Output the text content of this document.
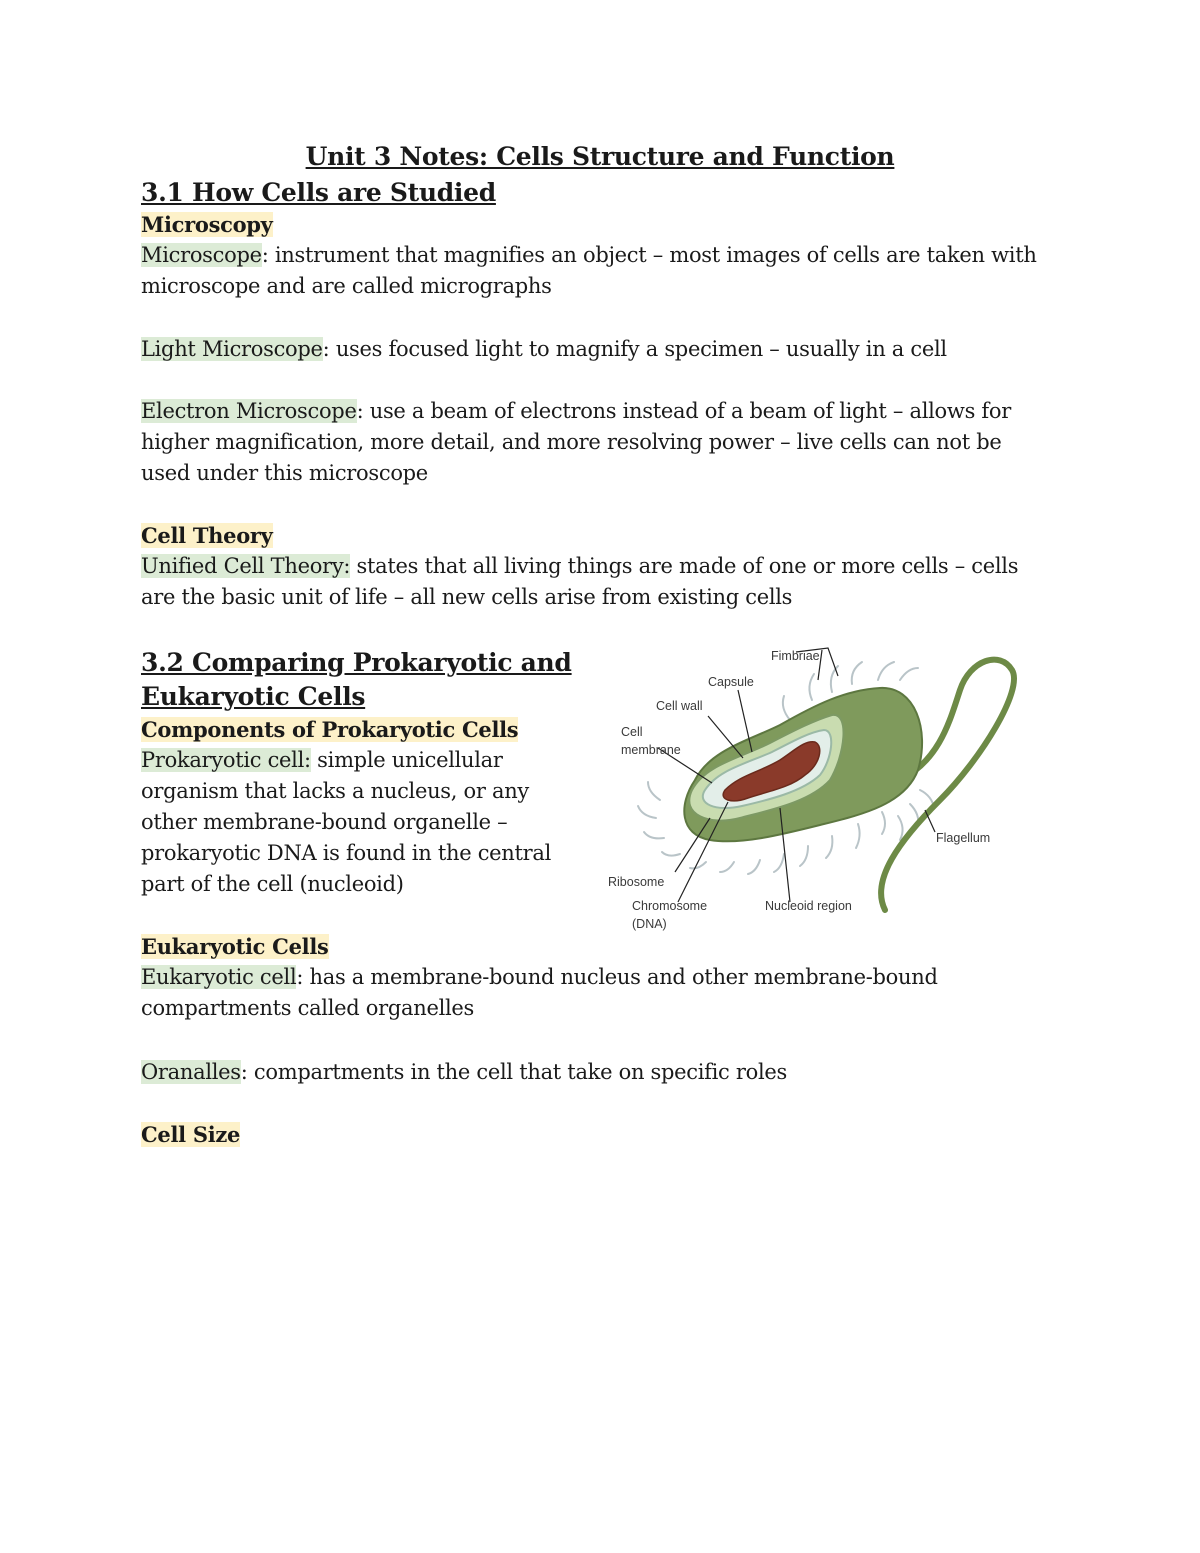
Unit 3 Notes: Cells Structure and Function
3.1 How Cells are Studied
Microscopy
Microscope: instrument that magnifies an object – most images of cells are taken with
microscope and are called micrographs
Light Microscope: uses focused light to magnify a specimen – usually in a cell
Electron Microscope: use a beam of electrons instead of a beam of light – allows for
higher magnification, more detail, and more resolving power – live cells can not be
used under this microscope
Cell Theory
Unified Cell Theory: states that all living things are made of one or more cells – cells
are the basic unit of life – all new cells arise from existing cells
3.2 Comparing Prokaryotic and
Eukaryotic Cells
Components of Prokaryotic Cells
Prokaryotic cell: simple unicellular
organism that lacks a nucleus, or any
other membrane-bound organelle –
prokaryotic DNA is found in the central
part of the cell (nucleoid)
Fimbriae
Capsule
Cell wall
Cell
membrane
Flagellum
Ribosome
Chromosome
(DNA)
Nucleoid region
Eukaryotic Cells
Eukaryotic cell: has a membrane-bound nucleus and other membrane-bound
compartments called organelles
Oranalles: compartments in the cell that take on specific roles
Cell Size
